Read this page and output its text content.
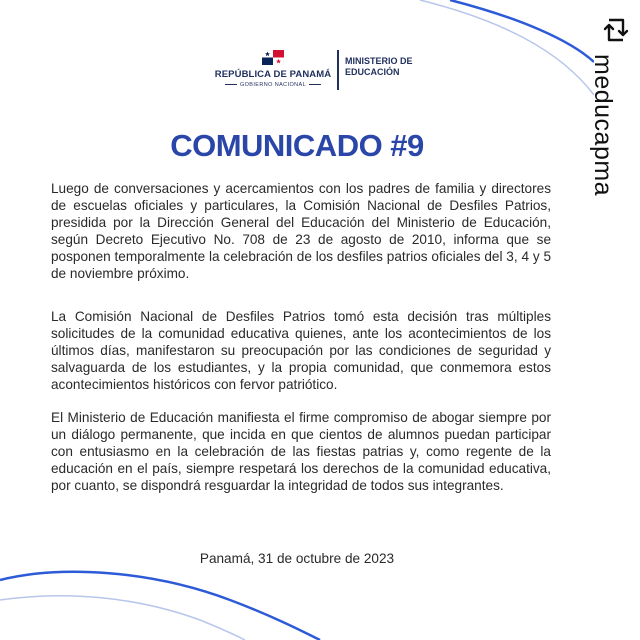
REPÚBLICA DE PANAMÁ
GOBIERNO NACIONAL
MINISTERIO DE
EDUCACIÓN
COMUNICADO #9

Luego de conversaciones y acercamientos con los padres de familia y directores de escuelas oficiales y particulares, la Comisión Nacional de Desfiles Patrios, presidida por la Dirección General del Educación del Ministerio de Educación, según Decreto Ejecutivo No. 708 de 23 de agosto de 2010, informa que se posponen temporalmente la celebración de los desfiles patrios oficiales del 3, 4 y 5 de noviembre próximo.

La Comisión Nacional de Desfiles Patrios tomó esta decisión tras múltiples solicitudes de la comunidad educativa quienes, ante los acontecimientos de los últimos días, manifestaron su preocupación por las condiciones de seguridad y salvaguarda de los estudiantes, y la propia comunidad, que conmemora estos acontecimientos históricos con fervor patriótico.

El Ministerio de Educación manifiesta el firme compromiso de abogar siempre por un diálogo permanente, que incida en que cientos de alumnos puedan participar con entusiasmo en la celebración de las fiestas patrias y, como regente de la educación en el país, siempre respetará los derechos de la comunidad educativa, por cuanto, se dispondrá resguardar la integridad de todos sus integrantes.

Panamá, 31 de octubre de 2023
meducapma
